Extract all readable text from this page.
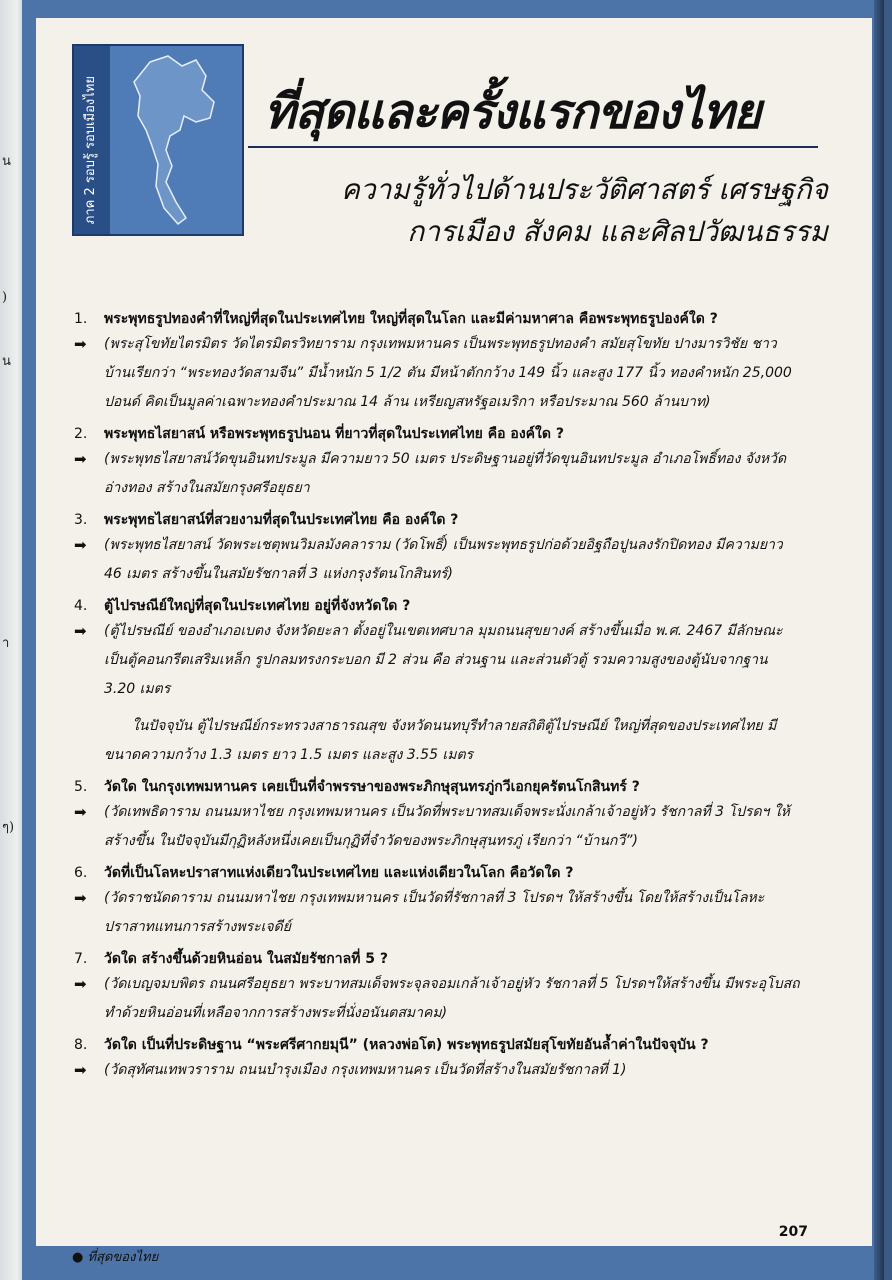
น
)
น
า
ๆ)
ภาค 2 รอบรู้ รอบเมืองไทย	ที่สุดและครั้งแรกของไทย
ความรู้ทั่วไปด้านประวัติศาสตร์ เศรษฐกิจ
การเมือง สังคม และศิลปวัฒนธรรม
1.	พระพุทธรูปทองคำที่ใหญ่ที่สุดในประเทศไทย ใหญ่ที่สุดในโลก และมีค่ามหาศาล คือพระพุทธรูปองค์ใด ?
➡	(พระสุโขทัยไตรมิตร วัดไตรมิตรวิทยาราม กรุงเทพมหานคร เป็นพระพุทธรูปทองคำ สมัยสุโขทัย ปางมารวิชัย ชาว
บ้านเรียกว่า “พระทองวัดสามจีน” มีน้ำหนัก 5 1/2 ตัน มีหน้าตักกว้าง 149 นิ้ว และสูง 177 นิ้ว ทองคำหนัก 25,000
ปอนด์ คิดเป็นมูลค่าเฉพาะทองคำประมาณ 14 ล้าน เหรียญสหรัฐอเมริกา หรือประมาณ 560 ล้านบาท)
2.	พระพุทธไสยาสน์ หรือพระพุทธรูปนอน ที่ยาวที่สุดในประเทศไทย คือ องค์ใด ?
➡	(พระพุทธไสยาสน์วัดขุนอินทประมูล มีความยาว 50 เมตร ประดิษฐานอยู่ที่วัดขุนอินทประมูล อำเภอโพธิ์ทอง จังหวัด
อ่างทอง สร้างในสมัยกรุงศรีอยุธยา
3.	พระพุทธไสยาสน์ที่สวยงามที่สุดในประเทศไทย คือ องค์ใด ?
➡	(พระพุทธไสยาสน์ วัดพระเชตุพนวิมลมังคลาราม (วัดโพธิ์) เป็นพระพุทธรูปก่อด้วยอิฐถือปูนลงรักปิดทอง มีความยาว
46 เมตร สร้างขึ้นในสมัยรัชกาลที่ 3 แห่งกรุงรัตนโกสินทร์)
4.	ตู้ไปรษณีย์ใหญ่ที่สุดในประเทศไทย อยู่ที่จังหวัดใด ?
➡	(ตู้ไปรษณีย์ ของอำเภอเบตง จังหวัดยะลา ตั้งอยู่ในเขตเทศบาล มุมถนนสุขยางค์ สร้างขึ้นเมื่อ พ.ศ. 2467 มีลักษณะ
เป็นตู้คอนกรีตเสริมเหล็ก รูปกลมทรงกระบอก มี 2 ส่วน คือ ส่วนฐาน และส่วนตัวตู้ รวมความสูงของตู้นับจากฐาน
3.20 เมตร
ในปัจจุบัน ตู้ไปรษณีย์กระทรวงสาธารณสุข จังหวัดนนทบุรีทำลายสถิติตู้ไปรษณีย์ ใหญ่ที่สุดของประเทศไทย มี
ขนาดความกว้าง 1.3 เมตร ยาว 1.5 เมตร และสูง 3.55 เมตร
5.	วัดใด ในกรุงเทพมหานคร เคยเป็นที่จำพรรษาของพระภิกษุสุนทรภู่กวีเอกยุครัตนโกสินทร์ ?
➡	(วัดเทพธิดาราม ถนนมหาไชย กรุงเทพมหานคร เป็นวัดที่พระบาทสมเด็จพระนั่งเกล้าเจ้าอยู่หัว รัชกาลที่ 3 โปรดฯ ให้
สร้างขึ้น ในปัจจุบันมีกุฏิหลังหนึ่งเคยเป็นกุฏิที่จำวัดของพระภิกษุสุนทรภู่ เรียกว่า “บ้านกวี”)
6.	วัดที่เป็นโลหะปราสาทแห่งเดียวในประเทศไทย และแห่งเดียวในโลก คือวัดใด ?
➡	(วัดราชนัดดาราม ถนนมหาไชย กรุงเทพมหานคร เป็นวัดที่รัชกาลที่ 3 โปรดฯ ให้สร้างขึ้น โดยให้สร้างเป็นโลหะ
ปราสาทแทนการสร้างพระเจดีย์
7.	วัดใด สร้างขึ้นด้วยหินอ่อน ในสมัยรัชกาลที่ 5 ?
➡	(วัดเบญจมบพิตร ถนนศรีอยุธยา พระบาทสมเด็จพระจุลจอมเกล้าเจ้าอยู่หัว รัชกาลที่ 5 โปรดฯให้สร้างขึ้น มีพระอุโบสถ
ทำด้วยหินอ่อนที่เหลือจากการสร้างพระที่นั่งอนันตสมาคม)
8.	วัดใด เป็นที่ประดิษฐาน “พระศรีศากยมุนี” (หลวงพ่อโต) พระพุทธรูปสมัยสุโขทัยอันล้ำค่าในปัจจุบัน ?
➡	(วัดสุทัศนเทพวราราม ถนนบำรุงเมือง กรุงเทพมหานคร เป็นวัดที่สร้างในสมัยรัชกาลที่ 1)
● ที่สุดของไทย
207
